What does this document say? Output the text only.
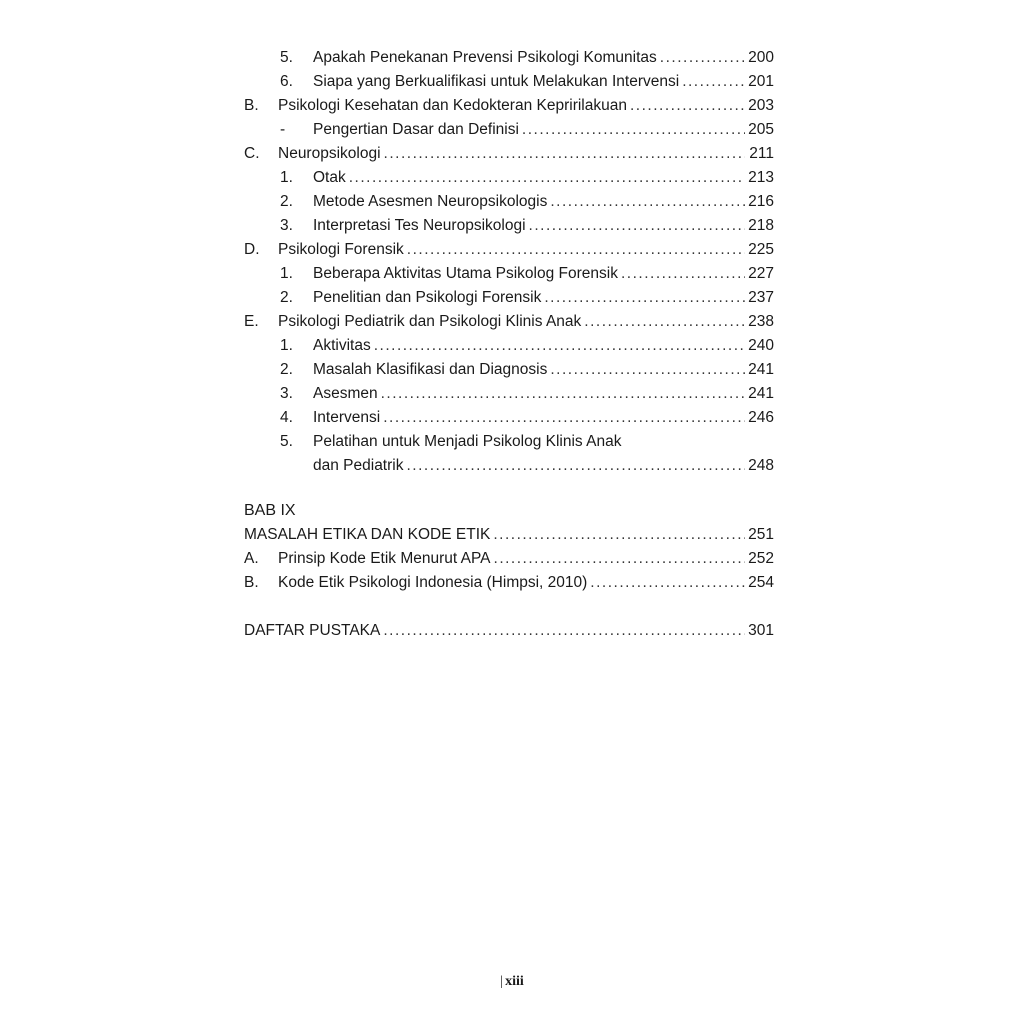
5. Apakah Penekanan Prevensi Psikologi Komunitas .....	200
6. Siapa yang Berkualifikasi untuk Melakukan Intervensi .....	201
B. Psikologi Kesehatan dan Kedokteran Kepririlakuan .....	203
- Pengertian Dasar dan Definisi .....	205
C. Neuropsikologi .....	211
1. Otak .....	213
2. Metode Asesmen Neuropsikologis .....	216
3. Interpretasi Tes Neuropsikologi .....	218
D. Psikologi Forensik .....	225
1. Beberapa Aktivitas Utama Psikolog Forensik .....	227
2. Penelitian dan Psikologi Forensik .....	237
E. Psikologi Pediatrik dan Psikologi Klinis Anak .....	238
1. Aktivitas .....	240
2. Masalah Klasifikasi dan Diagnosis .....	241
3. Asesmen .....	241
4. Intervensi .....	246
5. Pelatihan untuk Menjadi Psikolog Klinis Anak
dan Pediatrik .....	248
BAB IX
MASALAH ETIKA DAN KODE ETIK .....	251
A. Prinsip Kode Etik Menurut APA .....	252
B. Kode Etik Psikologi Indonesia (Himpsi, 2010) .....	254
DAFTAR PUSTAKA .....	301
| xiii
